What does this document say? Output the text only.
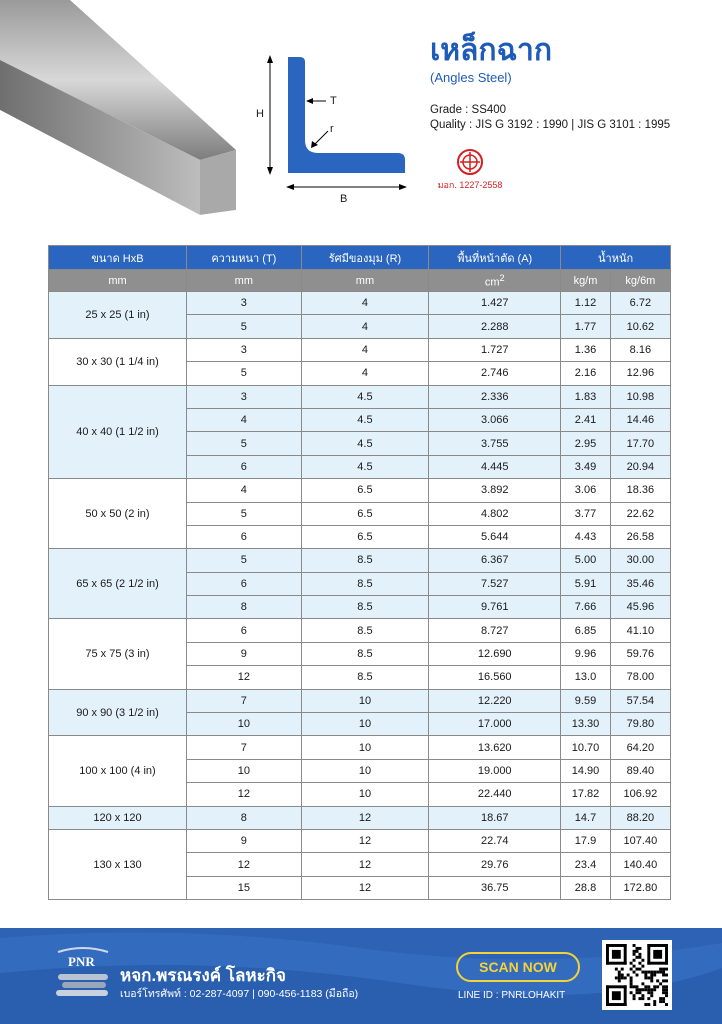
H
T
r
B
เหล็กฉาก
(Angles Steel)
Grade : SS400
Quality : JIS G 3192 : 1990 | JIS G 3101 : 1995
มอก. 1227-2558
ขนาด HxB	ความหนา (T)	รัศมีของมุม (R)	พื้นที่หน้าตัด (A)	น้ำหนัก	
mm	mm	mm	$cm^2$	kg/m	kg/6m
25 x 25 (1 in)	3	4	1.427	1.12	6.72
	5	4	2.288	1.77	10.62
30 x 30 (1 1/4 in)	3	4	1.727	1.36	8.16
	5	4	2.746	2.16	12.96
40 x 40 (1 1/2 in)	3	4.5	2.336	1.83	10.98
	4	4.5	3.066	2.41	14.46
	5	4.5	3.755	2.95	17.70
	6	4.5	4.445	3.49	20.94
50 x 50 (2 in)	4	6.5	3.892	3.06	18.36
	5	6.5	4.802	3.77	22.62
	6	6.5	5.644	4.43	26.58
65 x 65 (2 1/2 in)	5	8.5	6.367	5.00	30.00
	6	8.5	7.527	5.91	35.46
	8	8.5	9.761	7.66	45.96
75 x 75 (3 in)	6	8.5	8.727	6.85	41.10
	9	8.5	12.690	9.96	59.76
	12	8.5	16.560	13.0	78.00
90 x 90 (3 1/2 in)	7	10	12.220	9.59	57.54
	10	10	17.000	13.30	79.80
100 x 100 (4 in)	7	10	13.620	10.70	64.20
	10	10	19.000	14.90	89.40
	12	10	22.440	17.82	106.92
120 x 120	8	12	18.67	14.7	88.20
130 x 130	9	12	22.74	17.9	107.40
	12	12	29.76	23.4	140.40
	15	12	36.75	28.8	172.80
PNR
หจก.พรณรงค์ โลหะกิจ
เบอร์โทรศัพท์ : 02-287-4097 | 090-456-1183 (มือถือ)
SCAN NOW
LINE ID : PNRLOHAKIT
